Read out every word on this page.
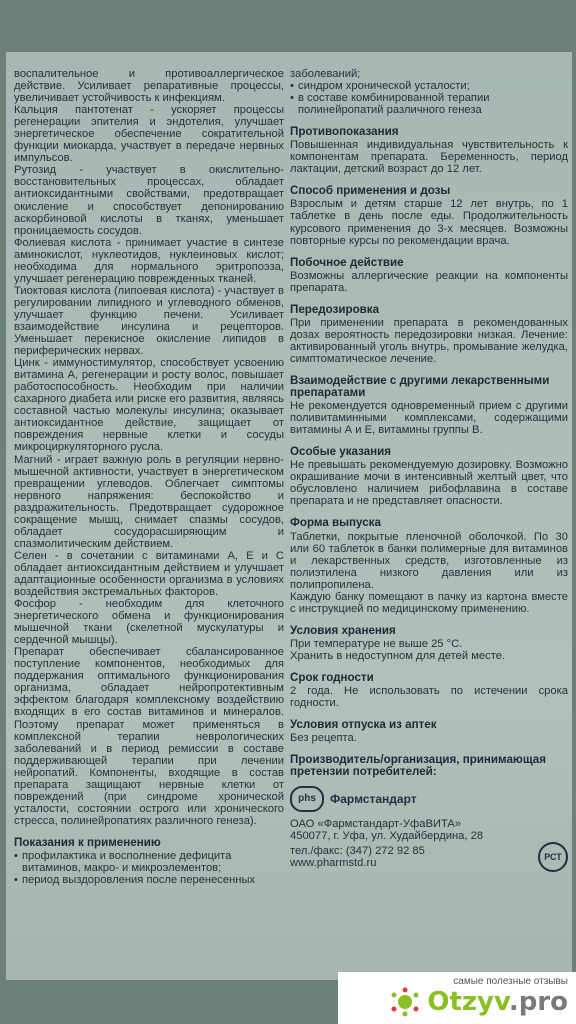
воспалительное и противоаллергическое действие. Усиливает репаративные процессы, увеличивает устойчивость к инфекциям.

Кальция пантотенат - ускоряет процессы регенерации эпителия и эндотелия, улучшает энергетическое обеспечение сократительной функции миокарда, участвует в передаче нервных импульсов.

Рутозид - участвует в окислительно-восстановительных процессах, обладает антиоксидантными свойствами, предотвращает окисление и способствует депонированию аскорбиновой кислоты в тканях, уменьшает проницаемость сосудов.

Фолиевая кислота - принимает участие в синтезе аминокислот, нуклеотидов, нуклеиновых кислот; необходима для нормального эритропоэза, улучшает регенерацию поврежденных тканей.

Тиоктовая кислота (липоевая кислота) - участвует в регулировании липидного и углеводного обменов, улучшает функцию печени. Усиливает взаимодействие инсулина и рецепторов. Уменьшает перекисное окисление липидов в периферических нервах.

Цинк - иммуностимулятор, способствует усвоению витамина А, регенерации и росту волос, повышает работоспособность. Необходим при наличии сахарного диабета или риске его развития, являясь составной частью молекулы инсулина; оказывает антиоксидантное действие, защищает от повреждения нервные клетки и сосуды микроциркуляторного русла.

Магний - играет важную роль в регуляции нервно-мышечной активности, участвует в энергетическом превращении углеводов. Облегчает симптомы нервного напряжения: беспокойство и раздражительность. Предотвращает судорожное сокращение мышц, снимает спазмы сосудов, обладает сосудорасширяющим и спазмолитическим действием.

Селен - в сочетании с витаминами А, Е и С обладает антиоксидантным действием и улучшает адаптационные особенности организма в условиях воздействия экстремальных факторов.

Фосфор - необходим для клеточного энергетического обмена и функционирования мышечной ткани (скелетной мускулатуры и сердечной мышцы).

Препарат обеспечивает сбалансированное поступление компонентов, необходимых для поддержания оптимального функционирования организма, обладает нейропротективным эффектом благодаря комплексному воздействию входящих в его состав витаминов и минералов. Поэтому препарат может применяться в комплексной терапии неврологических заболеваний и в период ремиссии в составе поддерживающей терапии при лечении нейропатий. Компоненты, входящие в состав препарата защищают нервные клетки от повреждений (при синдроме хронической усталости, состоянии острого или хронического стресса, полинейропатиях различного генеза).

Показания к применению
• профилактика и восполнение дефицита витаминов, макро- и микроэлементов;
• период выздоровления после перенесенных

заболеваний;

• синдром хронической усталости;
• в составе комбинированной терапии полинейропатий различного генеза
Противопоказания

Повышенная индивидуальная чувствительность к компонентам препарата. Беременность, период лактации, детский возраст до 12 лет.

Способ применения и дозы

Взрослым и детям старше 12 лет внутрь, по 1 таблетке в день после еды. Продолжительность курсового применения до 3-х месяцев. Возможны повторные курсы по рекомендации врача.

Побочное действие

Возможны аллергические реакции на компоненты препарата.

Передозировка

При применении препарата в рекомендованных дозах вероятность передозировки низкая. Лечение: активированный уголь внутрь, промывание желудка, симптоматическое лечение.

Взаимодействие с другими лекарственными препаратами

Не рекомендуется одновременный прием с другими поливитаминными комплексами, содержащими витамины А и Е, витамины группы В.

Особые указания

Не превышать рекомендуемую дозировку. Возможно окрашивание мочи в интенсивный желтый цвет, что обусловлено наличием рибофлавина в составе препарата и не представляет опасности.

Форма выпуска

Таблетки, покрытые пленочной оболочкой. По 30 или 60 таблеток в банки полимерные для витаминов и лекарственных средств, изготовленные из полиэтилена низкого давления или из полипропилена.

Каждую банку помещают в пачку из картона вместе с инструкцией по медицинскому применению.

Условия хранения

При температуре не выше 25 °С.

Хранить в недоступном для детей месте.

Срок годности

2 года. Не использовать по истечении срока годности.

Условия отпуска из аптек

Без рецепта.

Производитель/организация, принимающая претензии потребителей:
phs	Фармстандарт

ОАО «Фармстандарт-УфаВИТА»

450077, г. Уфа, ул. Худайбердина, 28

тел./факс: (347) 272 92 85

www.pharmstd.ru

РСТ
самые полезные отзывы
Otzyv.pro
